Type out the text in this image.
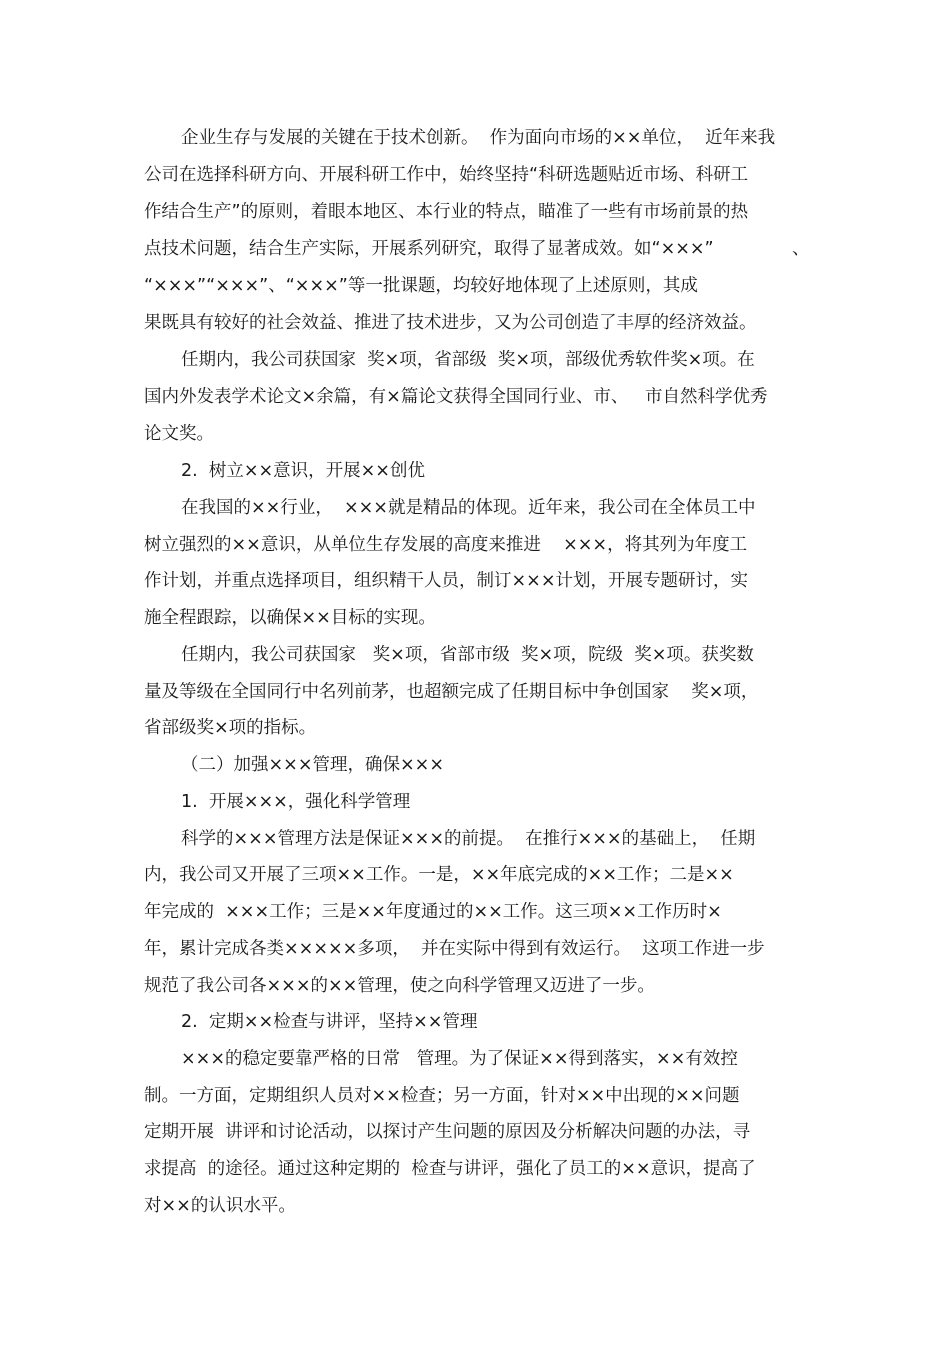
企业生存与发展的关键在于技术创新。  作为面向市场的××单位，  近年来我

公司在选择科研方向、开展科研工作中，始终坚持“科研选题贴近市场、科研工

作结合生产”的原则，着眼本地区、本行业的特点，瞄准了一些有市场前景的热

点技术问题，结合生产实际，开展系列研究，取得了显著成效。如“×××”	、

“×××”“×××”、“×××”等一批课题，均较好地体现了上述原则，其成

果既具有较好的社会效益、推进了技术进步，又为公司创造了丰厚的经济效益。

任期内，我公司获国家  奖×项，省部级  奖×项，部级优秀软件奖×项。在

国内外发表学术论文×余篇，有×篇论文获得全国同行业、市、   市自然科学优秀

论文奖。

2.  树立××意识，开展××创优

在我国的××行业，  ×××就是精品的体现。近年来，我公司在全体员工中

树立强烈的××意识，从单位生存发展的高度来推进    ×××，将其列为年度工

作计划，并重点选择项目，组织精干人员，制订×××计划，开展专题研讨，实

施全程跟踪，以确保××目标的实现。

任期内，我公司获国家   奖×项，省部市级  奖×项，院级  奖×项。获奖数

量及等级在全国同行中名列前茅，也超额完成了任期目标中争创国家    奖×项，

省部级奖×项的指标。

（二）加强×××管理，确保×××

1.  开展×××，强化科学管理

科学的×××管理方法是保证×××的前提。  在推行×××的基础上，  任期

内，我公司又开展了三项××工作。一是，××年底完成的××工作；二是××

年完成的  ×××工作；三是××年度通过的××工作。这三项××工作历时×

年，累计完成各类×××××多项，  并在实际中得到有效运行。  这项工作进一步

规范了我公司各×××的××管理，使之向科学管理又迈进了一步。

2.  定期××检查与讲评，坚持××管理

×××的稳定要靠严格的日常   管理。为了保证××得到落实，××有效控

制。一方面，定期组织人员对××检查；另一方面，针对××中出现的××问题

定期开展  讲评和讨论活动，以探讨产生问题的原因及分析解决问题的办法，寻

求提高  的途径。通过这种定期的  检查与讲评，强化了员工的××意识，提高了

对××的认识水平。
